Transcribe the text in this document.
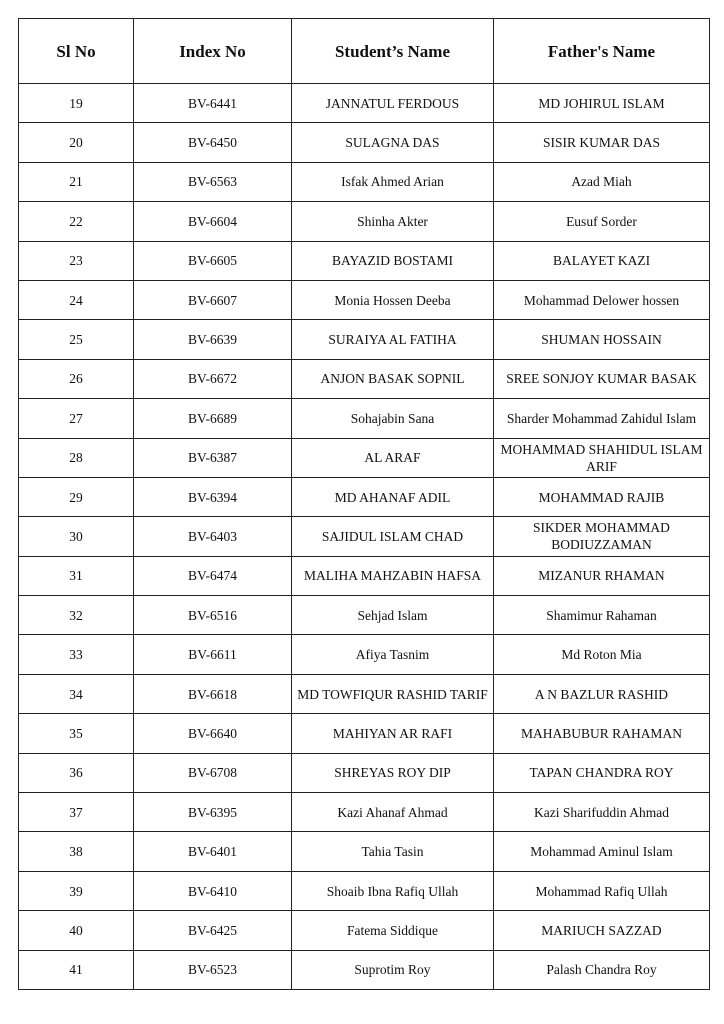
Sl No	Index No	Student’s Name	Father's Name
19	BV-6441	JANNATUL FERDOUS	MD JOHIRUL ISLAM
20	BV-6450	SULAGNA DAS	SISIR KUMAR DAS
21	BV-6563	Isfak Ahmed Arian	Azad Miah
22	BV-6604	Shinha Akter	Eusuf Sorder
23	BV-6605	BAYAZID BOSTAMI	BALAYET KAZI
24	BV-6607	Monia Hossen Deeba	Mohammad Delower hossen
25	BV-6639	SURAIYA AL FATIHA	SHUMAN HOSSAIN
26	BV-6672	ANJON BASAK SOPNIL	SREE SONJOY KUMAR BASAK
27	BV-6689	Sohajabin Sana	Sharder Mohammad Zahidul Islam
28	BV-6387	AL ARAF	MOHAMMAD SHAHIDUL ISLAM ARIF
29	BV-6394	MD AHANAF ADIL	MOHAMMAD RAJIB
30	BV-6403	SAJIDUL ISLAM CHAD	SIKDER MOHAMMAD BODIUZZAMAN
31	BV-6474	MALIHA MAHZABIN HAFSA	MIZANUR RHAMAN
32	BV-6516	Sehjad Islam	Shamimur Rahaman
33	BV-6611	Afiya Tasnim	Md Roton Mia
34	BV-6618	MD TOWFIQUR RASHID TARIF	A N BAZLUR RASHID
35	BV-6640	MAHIYAN AR RAFI	MAHABUBUR RAHAMAN
36	BV-6708	SHREYAS ROY DIP	TAPAN CHANDRA ROY
37	BV-6395	Kazi Ahanaf Ahmad	Kazi Sharifuddin Ahmad
38	BV-6401	Tahia Tasin	Mohammad Aminul Islam
39	BV-6410	Shoaib Ibna Rafiq Ullah	Mohammad Rafiq Ullah
40	BV-6425	Fatema Siddique	MARIUCH SAZZAD
41	BV-6523	Suprotim Roy	Palash Chandra Roy
